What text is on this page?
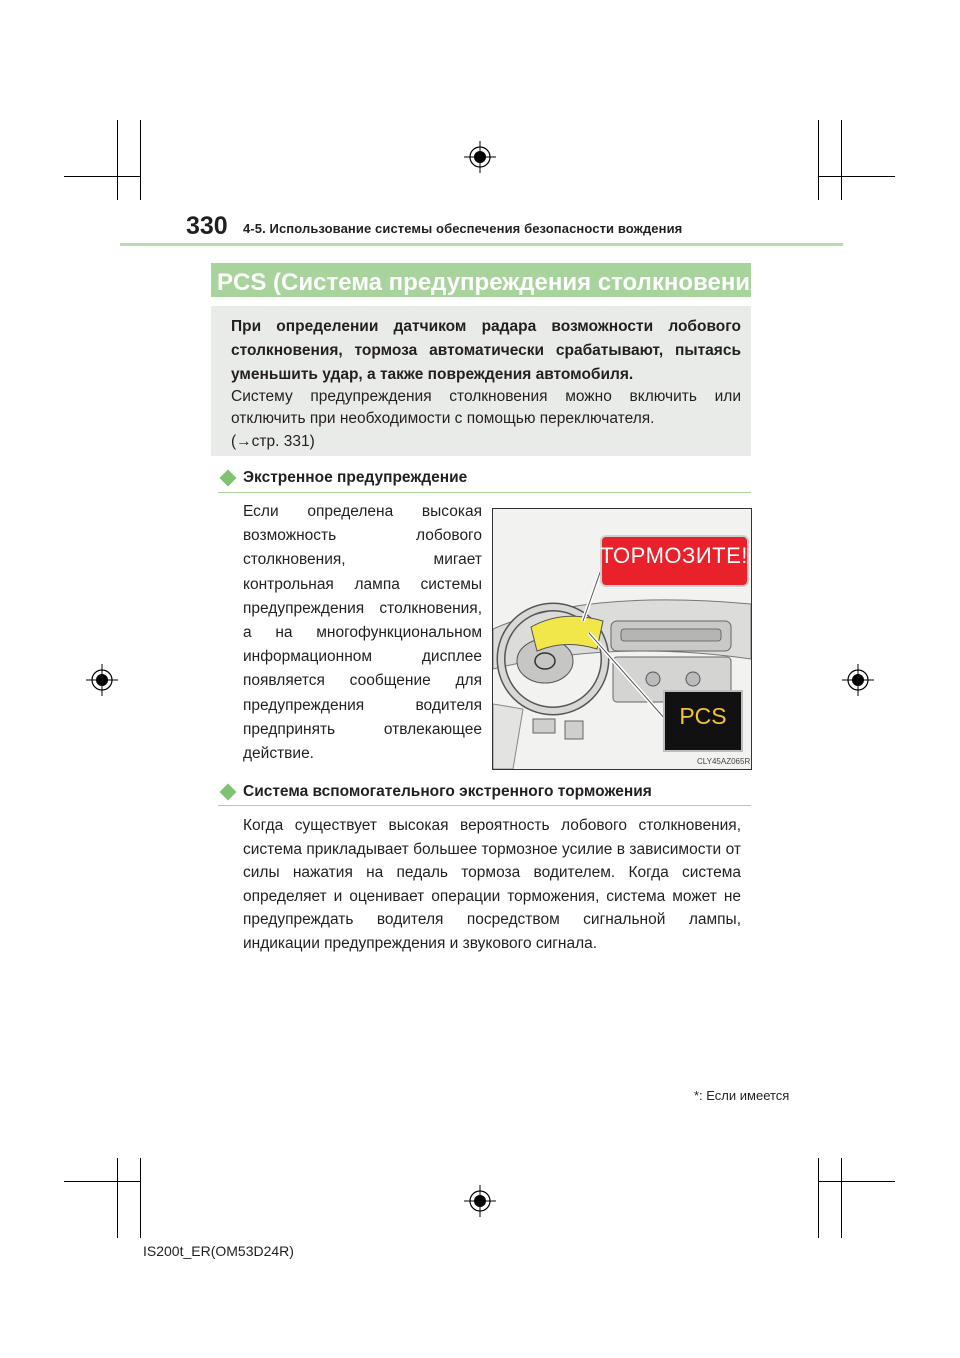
330 4-5. Использование системы обеспечения безопасности вождения
PCS (Система предупреждения столкновения)*
При определении датчиком радара возможности лобового столкновения, тормоза автоматически срабатывают, пытаясь уменьшить удар, а также повреждения автомобиля.
Систему предупреждения столкновения можно включить или отключить при необходимости с помощью переключателя.
(→стр. 331)
Экстренное предупреждение
Если определена высокая возможность лобового столкновения, мигает контрольная лампа системы предупреждения столкновения, а на многофункциональном информационном дисплее появляется сообщение для предупреждения водителя предпринять отвлекающее действие.
ТОРМОЗИТЕ!
PCS
CLY45AZ065R
Система вспомогательного экстренного торможения
Когда существует высокая вероятность лобового столкновения, система прикладывает большее тормозное усилие в зависимости от силы нажатия на педаль тормоза водителем. Когда система определяет и оценивает операции торможения, система может не предупреждать водителя посредством сигнальной лампы, индикации предупреждения и звукового сигнала.
*: Если имеется
IS200t_ER(OM53D24R)
